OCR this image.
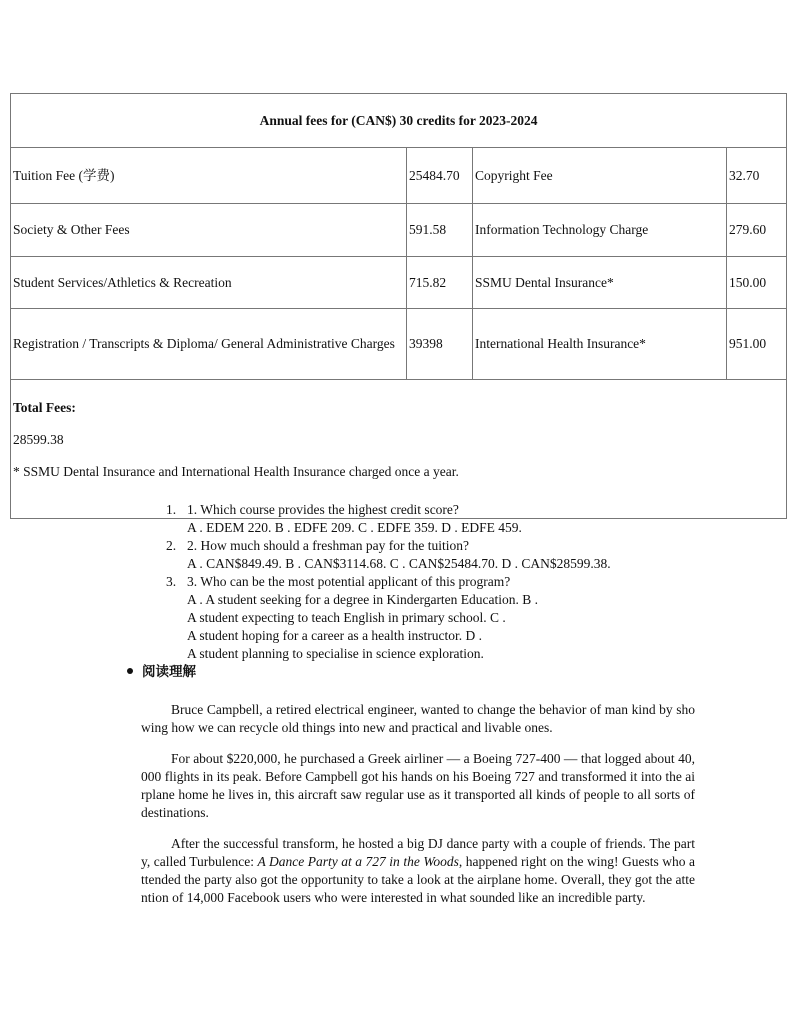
Annual fees for (CAN$) 30 credits for 2023-2024			
Tuition Fee (学费)	25484.70	Copyright Fee	32.70
Society & Other Fees	591.58	Information Technology Charge	279.60
Student Services/Athletics & Recreation	715.82	SSMU Dental Insurance*	150.00
Registration / Transcripts & Diploma/ General Administrative Charges	39398	International Health Insurance*	951.00

Total Fees:
28599.38
* SSMU Dental Insurance and International Health Insurance charged once a year.			
1. 1. Which course provides the highest credit score?
A . EDEM 220. B . EDFE 209. C . EDFE 359. D . EDFE 459.
2. 2. How much should a freshman pay for the tuition?
A . CAN$849.49. B . CAN$3114.68. C . CAN$25484.70. D . CAN$28599.38.
3. 3. Who can be the most potential applicant of this program?
A . A student seeking for a degree in Kindergarten Education. B .
A student expecting to teach English in primary school. C .
A student hoping for a career as a health instructor. D .
A student planning to specialise in science exploration.
阅读理解

Bruce Campbell, a retired electrical engineer, wanted to change the behavior of man kind by showing how we can recycle old things into new and practical and livable ones.

For about $220,000, he purchased a Greek airliner — a Boeing 727-400 — that logged about 40,000 flights in its peak. Before Campbell got his hands on his Boeing 727 and transformed it into the airplane home he lives in, this aircraft saw regular use as it transported all kinds of people to all sorts of destinations.

After the successful transform, he hosted a big DJ dance party with a couple of friends. The party, called Turbulence: A Dance Party at a 727 in the Woods, happened right on the wing! Guests who attended the party also got the opportunity to take a look at the airplane home. Overall, they got the attention of 14,000 Facebook users who were interested in what sounded like an incredible party.
